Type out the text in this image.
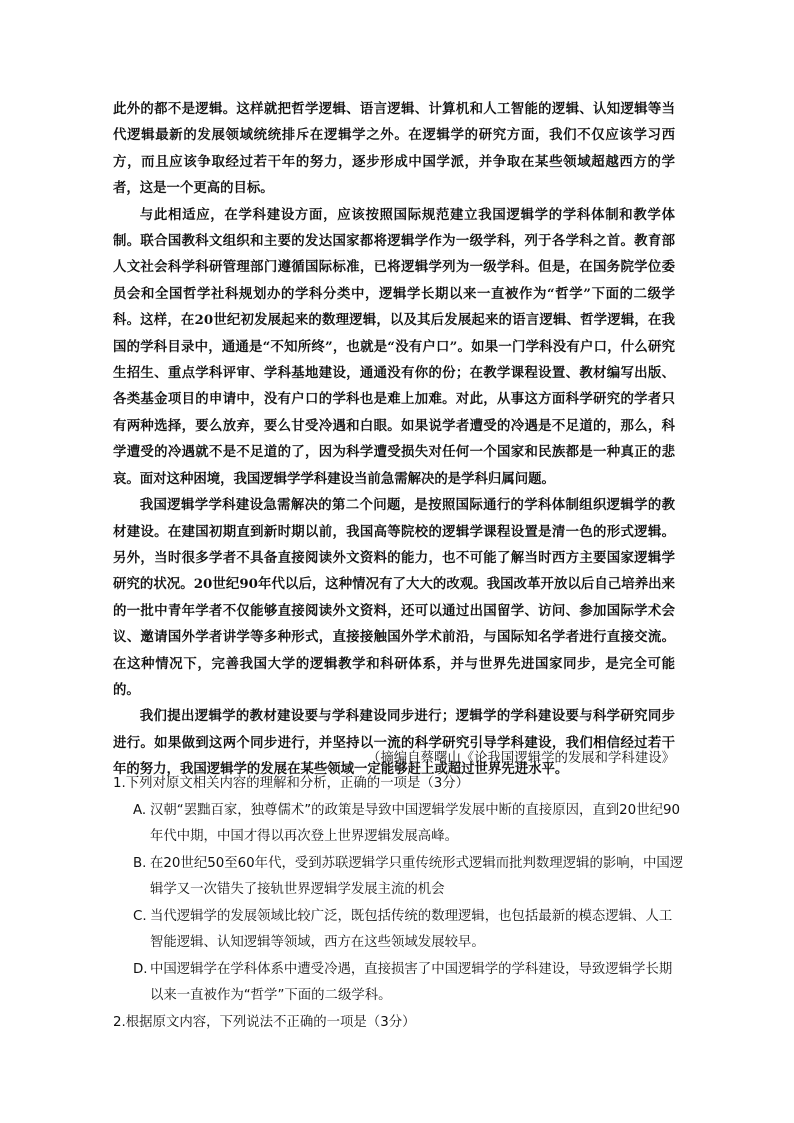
此外的都不是逻辑。这样就把哲学逻辑、语言逻辑、计算机和人工智能的逻辑、认知逻辑等当代逻辑最新的发展领域统统排斥在逻辑学之外。在逻辑学的研究方面，我们不仅应该学习西方，而且应该争取经过若干年的努力，逐步形成中国学派，并争取在某些领域超越西方的学者，这是一个更高的目标。

与此相适应，在学科建设方面，应该按照国际规范建立我国逻辑学的学科体制和教学体制。联合国教科文组织和主要的发达国家都将逻辑学作为一级学科，列于各学科之首。教育部人文社会科学科研管理部门遵循国际标准，已将逻辑学列为一级学科。但是，在国务院学位委员会和全国哲学社科规划办的学科分类中，逻辑学长期以来一直被作为“哲学”下面的二级学科。这样，在20世纪初发展起来的数理逻辑，以及其后发展起来的语言逻辑、哲学逻辑，在我国的学科目录中，通通是“不知所终”，也就是“没有户口”。如果一门学科没有户口，什么研究生招生、重点学科评审、学科基地建设，通通没有你的份；在教学课程设置、教材编写出版、各类基金项目的申请中，没有户口的学科也是难上加难。对此，从事这方面科学研究的学者只有两种选择，要么放弃，要么甘受冷遇和白眼。如果说学者遭受的冷遇是不足道的，那么，科学遭受的冷遇就不是不足道的了，因为科学遭受损失对任何一个国家和民族都是一种真正的悲哀。面对这种困境，我国逻辑学学科建设当前急需解决的是学科归属问题。

我国逻辑学学科建设急需解决的第二个问题，是按照国际通行的学科体制组织逻辑学的教材建设。在建国初期直到新时期以前，我国高等院校的逻辑学课程设置是清一色的形式逻辑。另外，当时很多学者不具备直接阅读外文资料的能力，也不可能了解当时西方主要国家逻辑学研究的状况。20世纪90年代以后，这种情况有了大大的改观。我国改革开放以后自己培养出来的一批中青年学者不仅能够直接阅读外文资料，还可以通过出国留学、访问、参加国际学术会议、邀请国外学者讲学等多种形式，直接接触国外学术前沿，与国际知名学者进行直接交流。在这种情况下，完善我国大学的逻辑教学和科研体系，并与世界先进国家同步，是完全可能的。

我们提出逻辑学的教材建设要与学科建设同步进行；逻辑学的学科建设要与科学研究同步进行。如果做到这两个同步进行，并坚持以一流的科学研究引导学科建设，我们相信经过若干年的努力，我国逻辑学的发展在某些领域一定能够赶上或超过世界先进水平。

（摘编自蔡曙山《论我国逻辑学的发展和学科建设》

1.下列对原文相关内容的理解和分析，正确的一项是（3分）

A. 汉朝“罢黜百家，独尊儒术”的政策是导致中国逻辑学发展中断的直接原因，直到20世纪90年代中期，中国才得以再次登上世界逻辑发展高峰。

B. 在20世纪50至60年代，受到苏联逻辑学只重传统形式逻辑而批判数理逻辑的影响，中国逻辑学又一次错失了接轨世界逻辑学发展主流的机会

C. 当代逻辑学的发展领域比较广泛，既包括传统的数理逻辑，也包括最新的模态逻辑、人工智能逻辑、认知逻辑等领域，西方在这些领域发展较早。

D. 中国逻辑学在学科体系中遭受冷遇，直接损害了中国逻辑学的学科建设，导致逻辑学长期以来一直被作为“哲学”下面的二级学科。

2.根据原文内容，下列说法不正确的一项是（3分）
